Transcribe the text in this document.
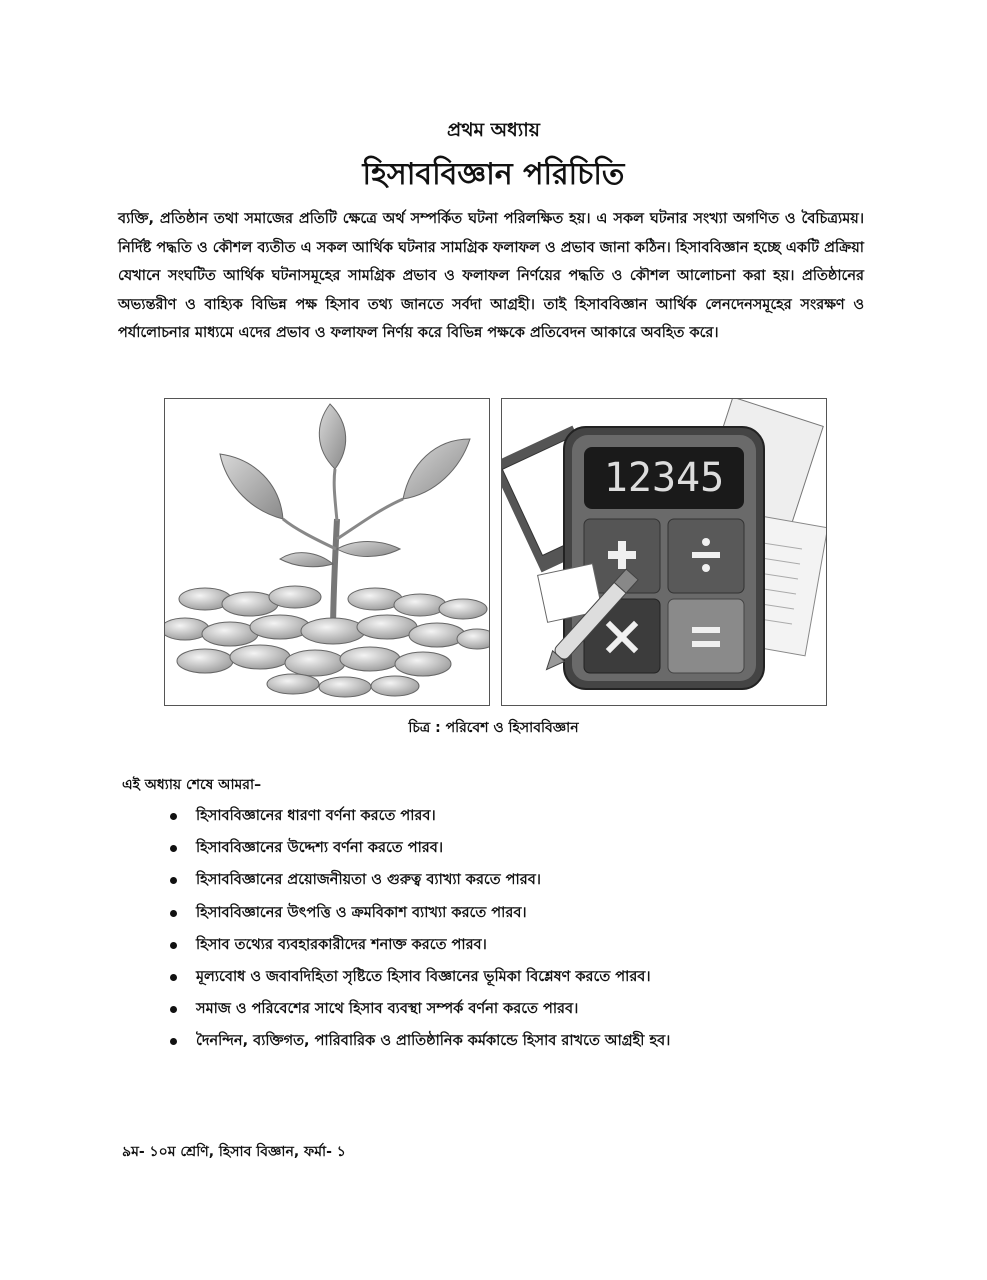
প্রথম অধ্যায়
হিসাববিজ্ঞান পরিচিতি
ব্যক্তি, প্রতিষ্ঠান তথা সমাজের প্রতিটি ক্ষেত্রে অর্থ সম্পর্কিত ঘটনা পরিলক্ষিত হয়। এ সকল ঘটনার সংখ্যা অগণিত ও বৈচিত্র্যময়। নির্দিষ্ট পদ্ধতি ও কৌশল ব্যতীত এ সকল আর্থিক ঘটনার সামগ্রিক ফলাফল ও প্রভাব জানা কঠিন। হিসাববিজ্ঞান হচ্ছে একটি প্রক্রিয়া যেখানে সংঘটিত আর্থিক ঘটনাসমূহের সামগ্রিক প্রভাব ও ফলাফল নির্ণয়ের পদ্ধতি ও কৌশল আলোচনা করা হয়। প্রতিষ্ঠানের অভ্যন্তরীণ ও বাহ্যিক বিভিন্ন পক্ষ হিসাব তথ্য জানতে সর্বদা আগ্রহী। তাই হিসাববিজ্ঞান আর্থিক লেনদেনসমূহের সংরক্ষণ ও পর্যালোচনার মাধ্যমে এদের প্রভাব ও ফলাফল নির্ণয় করে বিভিন্ন পক্ষকে প্রতিবেদন আকারে অবহিত করে।
12345
চিত্র : পরিবেশ ও হিসাববিজ্ঞান
এই অধ্যায় শেষে আমরা–
হিসাববিজ্ঞানের ধারণা বর্ণনা করতে পারব।
হিসাববিজ্ঞানের উদ্দেশ্য বর্ণনা করতে পারব।
হিসাববিজ্ঞানের প্রয়োজনীয়তা ও গুরুত্ব ব্যাখ্যা করতে পারব।
হিসাববিজ্ঞানের উৎপত্তি ও ক্রমবিকাশ ব্যাখ্যা করতে পারব।
হিসাব তথ্যের ব্যবহারকারীদের শনাক্ত করতে পারব।
মূল্যবোধ ও জবাবদিহিতা সৃষ্টিতে হিসাব বিজ্ঞানের ভূমিকা বিশ্লেষণ করতে পারব।
সমাজ ও পরিবেশের সাথে হিসাব ব্যবস্থা সম্পর্ক বর্ণনা করতে পারব।
দৈনন্দিন, ব্যক্তিগত, পারিবারিক ও প্রাতিষ্ঠানিক কর্মকান্ডে হিসাব রাখতে আগ্রহী হব।
৯ম- ১০ম শ্রেণি, হিসাব বিজ্ঞান, ফর্মা- ১
